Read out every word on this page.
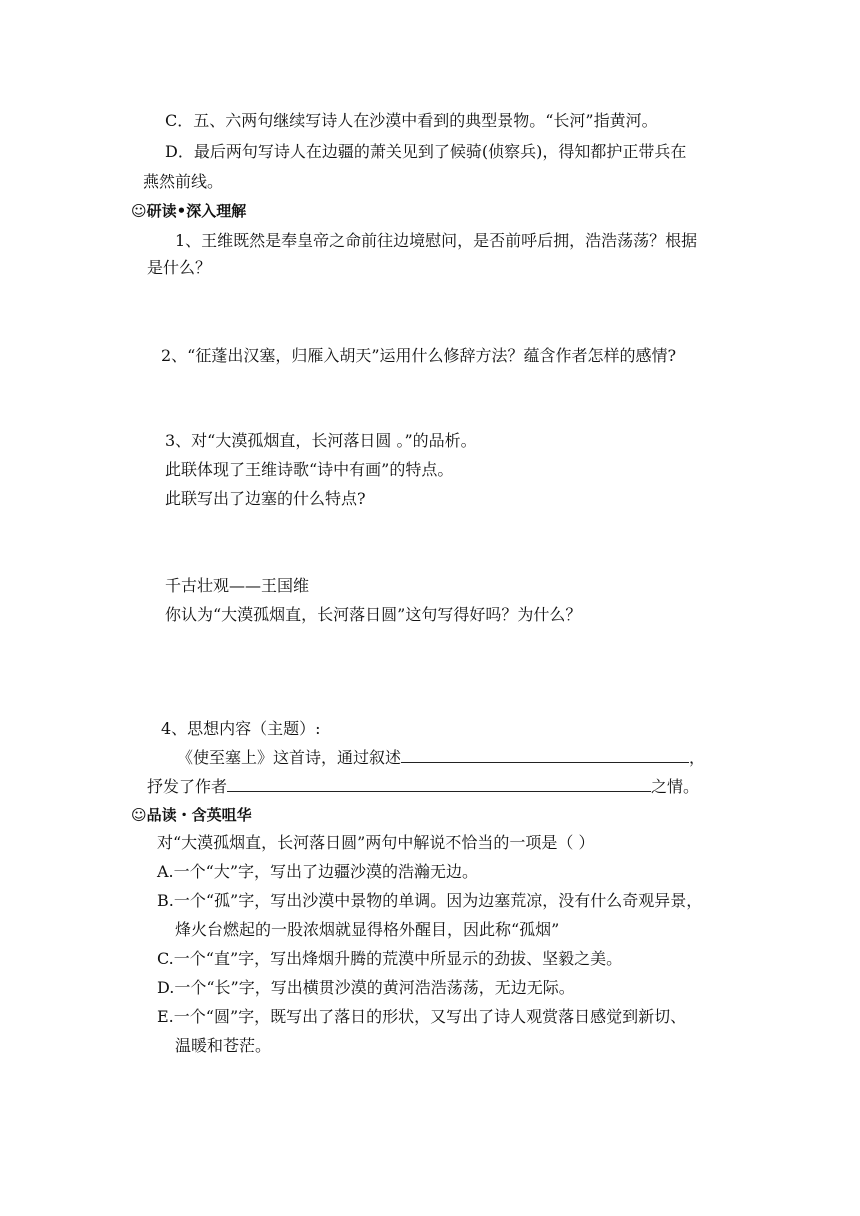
C．五、六两句继续写诗人在沙漠中看到的典型景物。“长河”指黄河。
D．最后两句写诗人在边疆的萧关见到了候骑(侦察兵)，得知都护正带兵在
燕然前线。
☺研读•深入理解
1、王维既然是奉皇帝之命前往边境慰问，是否前呼后拥，浩浩荡荡？根据
是什么？
2、“征蓬出汉塞，归雁入胡天”运用什么修辞方法？蕴含作者怎样的感情?
3、对“大漠孤烟直，长河落日圆 。”的品析。
此联体现了王维诗歌“诗中有画”的特点。
此联写出了边塞的什么特点?
千古壮观——王国维
你认为“大漠孤烟直，长河落日圆”这句写得好吗？为什么？
4、思想内容（主题）:
《使至塞上》这首诗，通过叙述	，
抒发了作者	之情。
☺品读・含英咀华
对“大漠孤烟直，长河落日圆”两句中解说不恰当的一项是（ ）
A.一个“大”字，写出了边疆沙漠的浩瀚无边。
B.一个“孤”字，写出沙漠中景物的单调。因为边塞荒凉，没有什么奇观异景，
烽火台燃起的一股浓烟就显得格外醒目，因此称“孤烟”
C.一个“直”字，写出烽烟升腾的荒漠中所显示的劲拔、坚毅之美。
D.一个“长”字，写出横贯沙漠的黄河浩浩荡荡，无边无际。
E.一个“圆”字，既写出了落日的形状，又写出了诗人观赏落日感觉到新切、
温暖和苍茫。
